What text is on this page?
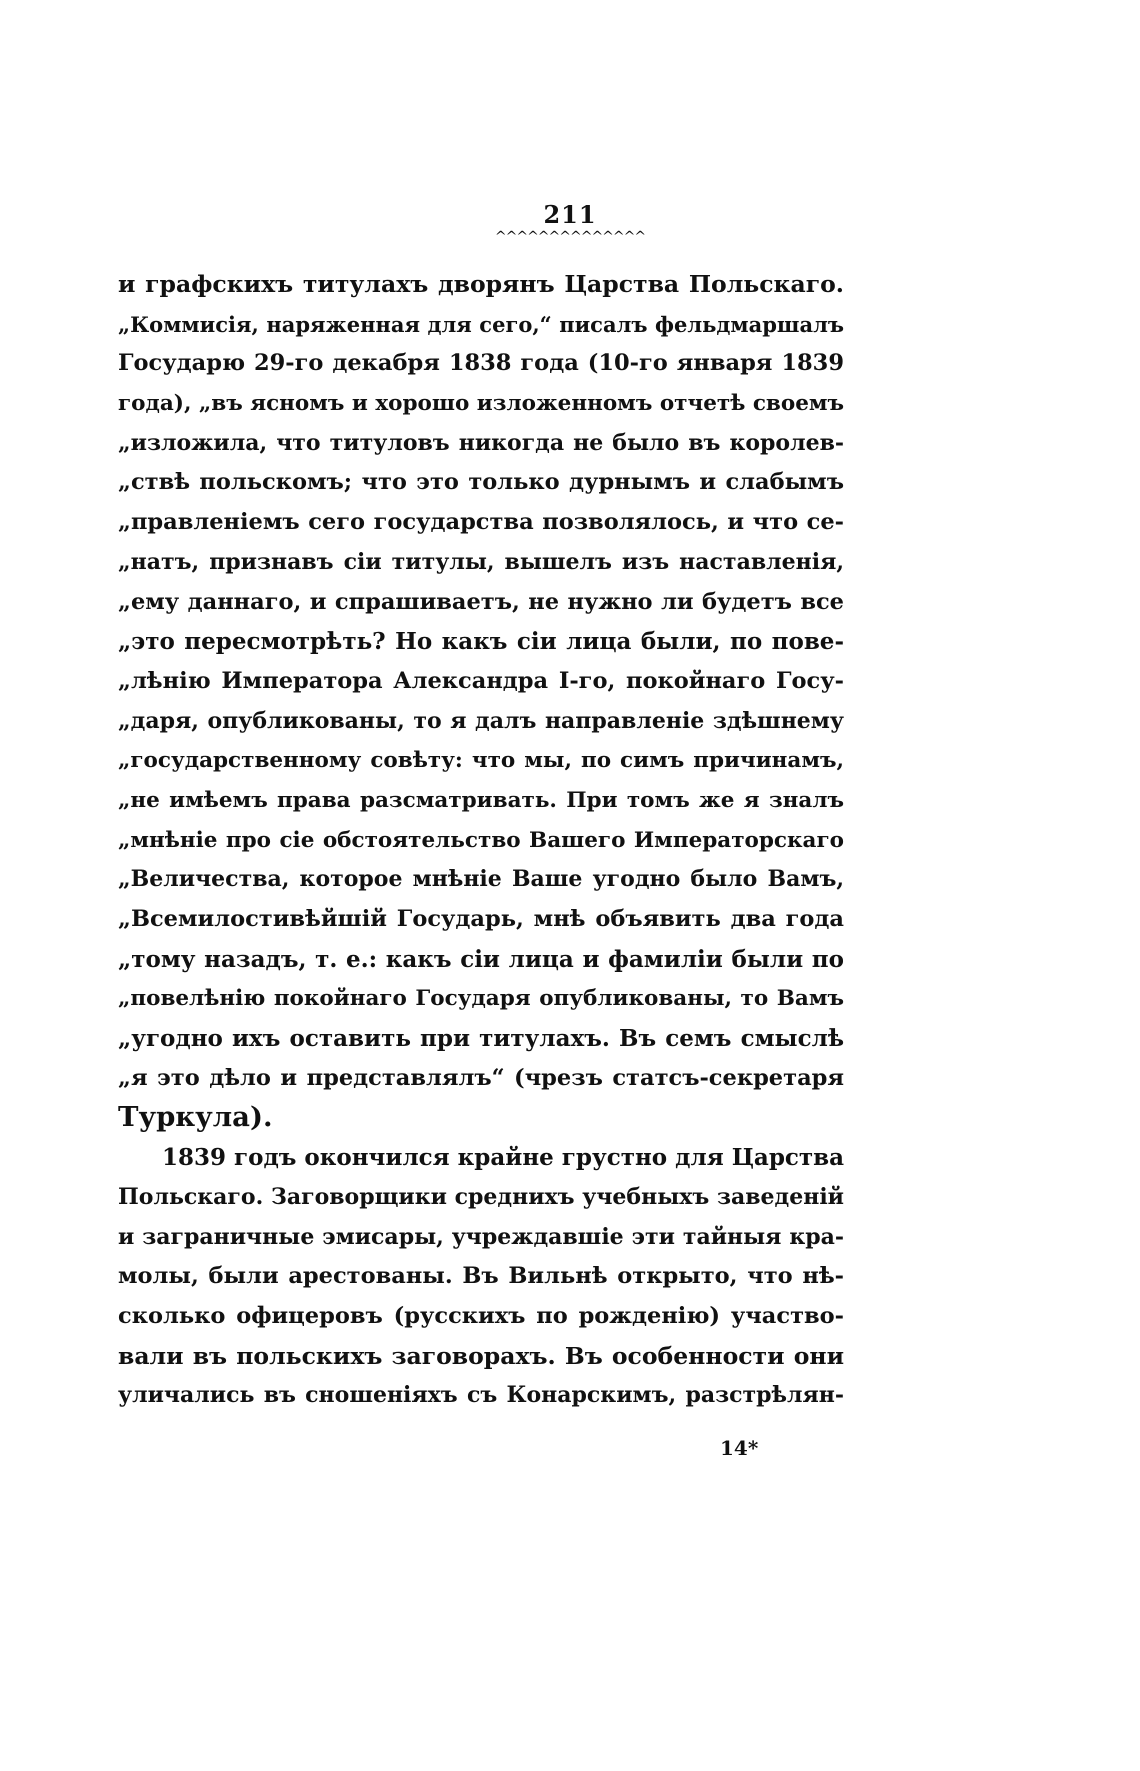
211
^^^^^^^^^^^^^^
и графскихъ титулахъ дворянъ Царства Польскаго.
„Коммисія, наряженная для сего,“ писалъ фельдмаршалъ
Государю 29-го декабря 1838 года (10-го января 1839
года), „въ ясномъ и хорошо изложенномъ отчетѣ своемъ
„изложила, что титуловъ никогда не было въ королев-
„ствѣ польскомъ; что это только дурнымъ и слабымъ
„правленіемъ сего государства позволялось, и что се-
„натъ, признавъ сіи титулы, вышелъ изъ наставленія,
„ему даннаго, и спрашиваетъ, не нужно ли будетъ все
„это пересмотрѣть? Но какъ сіи лица были, по пове-
„лѣнію Императора Александра I-го, покойнаго Госу-
„даря, опубликованы, то я далъ направленіе здѣшнему
„государственному совѣту: что мы, по симъ причинамъ,
„не имѣемъ права разсматривать. При томъ же я зналъ
„мнѣніе про сіе обстоятельство Вашего Императорскаго
„Величества, которое мнѣніе Ваше угодно было Вамъ,
„Всемилостивѣйшій Государь, мнѣ объявить два года
„тому назадъ, т. е.: какъ сіи лица и фамиліи были по
„повелѣнію покойнаго Государя опубликованы, то Вамъ
„угодно ихъ оставить при титулахъ. Въ семъ смыслѣ
„я это дѣло и представлялъ“ (чрезъ статсъ-секретаря
Туркула).
1839 годъ окончился крайне грустно для Царства
Польскаго. Заговорщики среднихъ учебныхъ заведеній
и заграничные эмисары, учреждавшіе эти тайныя кра-
молы, были арестованы. Въ Вильнѣ открыто, что нѣ-
сколько офицеровъ (русскихъ по рожденію) участво-
вали въ польскихъ заговорахъ. Въ особенности они
уличались въ сношеніяхъ съ Конарскимъ, разстрѣлян-
14*
